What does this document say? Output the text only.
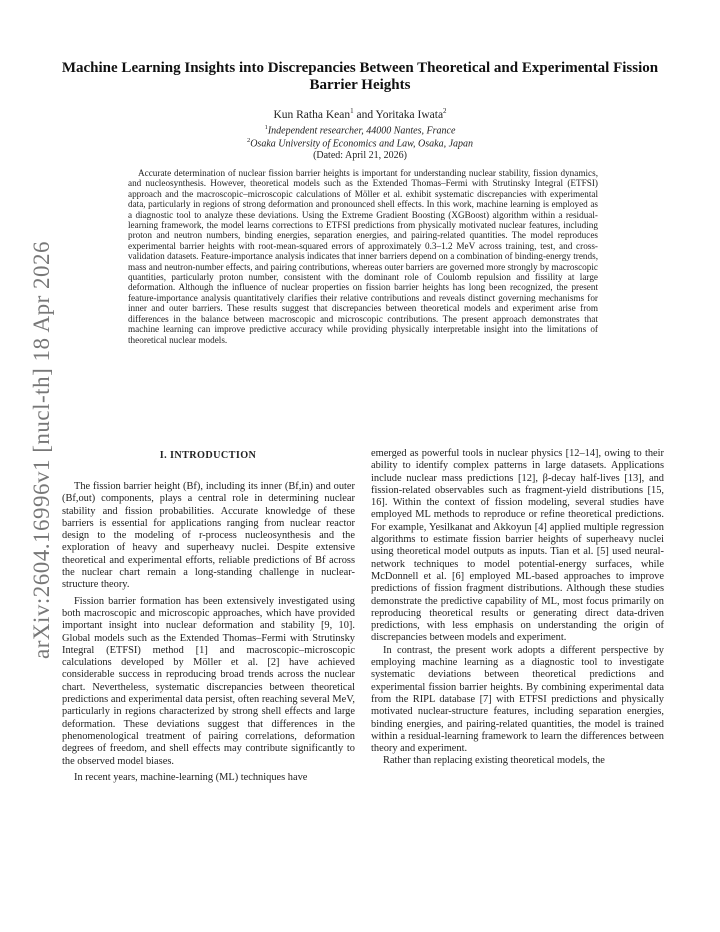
arXiv:2604.16996v1 [nucl-th] 18 Apr 2026
Machine Learning Insights into Discrepancies Between Theoretical and Experimental Fission Barrier Heights
Kun Ratha Kean$^1$ and Yoritaka Iwata$^2$
$^1$Independent researcher, 44000 Nantes, France
$^2$Osaka University of Economics and Law, Osaka, Japan
(Dated: April 21, 2026)

Accurate determination of nuclear fission barrier heights is important for understanding nuclear stability, fission dynamics, and nucleosynthesis. However, theoretical models such as the Extended Thomas–Fermi with Strutinsky Integral (ETFSI) approach and the macroscopic–microscopic calculations of Möller et al. exhibit systematic discrepancies with experimental data, particularly in regions of strong deformation and pronounced shell effects. In this work, machine learning is employed as a diagnostic tool to analyze these deviations. Using the Extreme Gradient Boosting (XGBoost) algorithm within a residual-learning framework, the model learns corrections to ETFSI predictions from physically motivated nuclear features, including proton and neutron numbers, binding energies, separation energies, and pairing-related quantities. The model reproduces experimental barrier heights with root-mean-squared errors of approximately 0.3–1.2 MeV across training, test, and cross-validation datasets. Feature-importance analysis indicates that inner barriers depend on a combination of binding-energy trends, mass and neutron-number effects, and pairing contributions, whereas outer barriers are governed more strongly by macroscopic quantities, particularly proton number, consistent with the dominant role of Coulomb repulsion and fissility at large deformation. Although the influence of nuclear properties on fission barrier heights has long been recognized, the present feature-importance analysis quantitatively clarifies their relative contributions and reveals distinct governing mechanisms for inner and outer barriers. These results suggest that discrepancies between theoretical models and experiment arise from differences in the balance between macroscopic and microscopic contributions. The present approach demonstrates that machine learning can improve predictive accuracy while providing physically interpretable insight into the limitations of theoretical nuclear models.

I. INTRODUCTION

The fission barrier height (Bf), including its inner (Bf,in) and outer (Bf,out) components, plays a central role in determining nuclear stability and fission probabilities. Accurate knowledge of these barriers is essential for applications ranging from nuclear reactor design to the modeling of r-process nucleosynthesis and the exploration of heavy and superheavy nuclei. Despite extensive theoretical and experimental efforts, reliable predictions of Bf across the nuclear chart remain a long-standing challenge in nuclear-structure theory.

Fission barrier formation has been extensively investigated using both macroscopic and microscopic approaches, which have provided important insight into nuclear deformation and stability [9, 10]. Global models such as the Extended Thomas–Fermi with Strutinsky Integral (ETFSI) method [1] and macroscopic–microscopic calculations developed by Möller et al. [2] have achieved considerable success in reproducing broad trends across the nuclear chart. Nevertheless, systematic discrepancies between theoretical predictions and experimental data persist, often reaching several MeV, particularly in regions characterized by strong shell effects and large deformation. These deviations suggest that differences in the phenomenological treatment of pairing correlations, deformation degrees of freedom, and shell effects may contribute significantly to the observed model biases.

In recent years, machine-learning (ML) techniques have

emerged as powerful tools in nuclear physics [12–14], owing to their ability to identify complex patterns in large datasets. Applications include nuclear mass predictions [12], β-decay half-lives [13], and fission-related observables such as fragment-yield distributions [15, 16]. Within the context of fission modeling, several studies have employed ML methods to reproduce or refine theoretical predictions. For example, Yesilkanat and Akkoyun [4] applied multiple regression algorithms to estimate fission barrier heights of superheavy nuclei using theoretical model outputs as inputs. Tian et al. [5] used neural-network techniques to model potential-energy surfaces, while McDonnell et al. [6] employed ML-based approaches to improve predictions of fission fragment distributions. Although these studies demonstrate the predictive capability of ML, most focus primarily on reproducing theoretical results or generating direct data-driven predictions, with less emphasis on understanding the origin of discrepancies between models and experiment.

In contrast, the present work adopts a different perspective by employing machine learning as a diagnostic tool to investigate systematic deviations between theoretical predictions and experimental fission barrier heights. By combining experimental data from the RIPL database [7] with ETFSI predictions and physically motivated nuclear-structure features, including separation energies, binding energies, and pairing-related quantities, the model is trained within a residual-learning framework to learn the differences between theory and experiment.

Rather than replacing existing theoretical models, the
